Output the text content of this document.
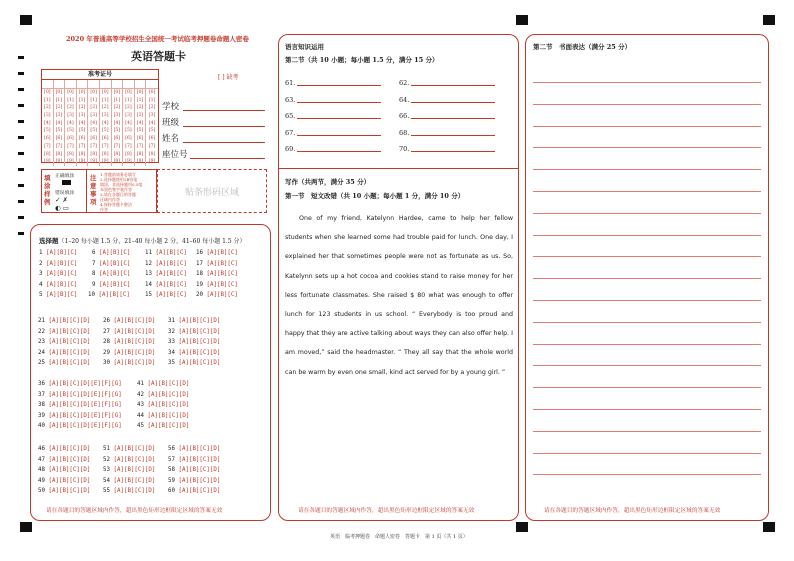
2020 年普通高等学校招生全国统一考试临考押题卷命题人密卷
英语答题卡
准考证号
[0]
[1]
[2]
[3]
[4]
[5]
[6]
[7]
[8]
[9]
[0]
[1]
[2]
[3]
[4]
[5]
[6]
[7]
[8]
[9]
[0]
[1]
[2]
[3]
[4]
[5]
[6]
[7]
[8]
[9]
[0]
[1]
[2]
[3]
[4]
[5]
[6]
[7]
[8]
[9]
[0]
[1]
[2]
[3]
[4]
[5]
[6]
[7]
[8]
[9]
[0]
[1]
[2]
[3]
[4]
[5]
[6]
[7]
[8]
[9]
[0]
[1]
[2]
[3]
[4]
[5]
[6]
[7]
[8]
[9]
[0]
[1]
[2]
[3]
[4]
[5]
[6]
[7]
[8]
[9]
[0]
[1]
[2]
[3]
[4]
[5]
[6]
[7]
[8]
[9]
[0]
[1]
[2]
[3]
[4]
[5]
[6]
[7]
[8]
[9]
[ ] 缺考
学校
班级
姓名
座位号
填涂样例
正确填涂
错误填涂
✓ ✗
◐ ▭
注意事项
1.答题前请务必填写
2.选择题使用2B铅笔
填涂，非选择题用0.5毫
米黑色签字笔作答
3.请在各题目的答题
区域内作答
4.保持答题卡整洁
作答
贴条形码区域
选择题（1–20 每小题 1.5 分，21–40 每小题 2 分，41–60 每小题 1.5 分）
1 [A][B][C]
2 [A][B][C]
3 [A][B][C]
4 [A][B][C]
5 [A][B][C]
6 [A][B][C]
7 [A][B][C]
8 [A][B][C]
9 [A][B][C]
10 [A][B][C]
11 [A][B][C]
12 [A][B][C]
13 [A][B][C]
14 [A][B][C]
15 [A][B][C]
16 [A][B][C]
17 [A][B][C]
18 [A][B][C]
19 [A][B][C]
20 [A][B][C]
21 [A][B][C][D]
22 [A][B][C][D]
23 [A][B][C][D]
24 [A][B][C][D]
25 [A][B][C][D]
26 [A][B][C][D]
27 [A][B][C][D]
28 [A][B][C][D]
29 [A][B][C][D]
30 [A][B][C][D]
31 [A][B][C][D]
32 [A][B][C][D]
33 [A][B][C][D]
34 [A][B][C][D]
35 [A][B][C][D]
36 [A][B][C][D][E][F][G]
37 [A][B][C][D][E][F][G]
38 [A][B][C][D][E][F][G]
39 [A][B][C][D][E][F][G]
40 [A][B][C][D][E][F][G]
41 [A][B][C][D]
42 [A][B][C][D]
43 [A][B][C][D]
44 [A][B][C][D]
45 [A][B][C][D]
46 [A][B][C][D]
47 [A][B][C][D]
48 [A][B][C][D]
49 [A][B][C][D]
50 [A][B][C][D]
51 [A][B][C][D]
52 [A][B][C][D]
53 [A][B][C][D]
54 [A][B][C][D]
55 [A][B][C][D]
56 [A][B][C][D]
57 [A][B][C][D]
58 [A][B][C][D]
59 [A][B][C][D]
60 [A][B][C][D]
请在各题目的答题区域内作答，超出黑色矩形边框限定区域的答案无效
语言知识运用
第二节（共 10 小题；每小题 1.5 分，满分 15 分）
61.
63.
65.
67.
69.
62.
64.
66.
68.
70.
写作（共两节，满分 35 分）
第一节　短文改错（共 10 小题；每小题 1 分，满分 10 分）
One of my friend, Katelynn Hardee, came to help her fellow students when she learned some had trouble paid for lunch. One day, I explained her that sometimes people were not as fortunate as us. So, Katelynn sets up a hot cocoa and cookies stand to raise money for her less fortunate classmates. She raised $ 80 what was enough to offer lunch for 123 students in us school. “ Everybody is too proud and happy that they are active talking about ways they can also offer help. I am moved,” said the headmaster. “ They all say that the whole world can be warm by even one small, kind act served for by a young girl. ”
请在各题目的答题区域内作答，超出黑色矩形边框限定区域的答案无效
第二节　书面表达（满分 25 分）
请在各题目的答题区域内作答，超出黑色矩形边框限定区域的答案无效
英语　临考押题卷　命题人密卷　答题卡　第 1 页（共 1 页）
